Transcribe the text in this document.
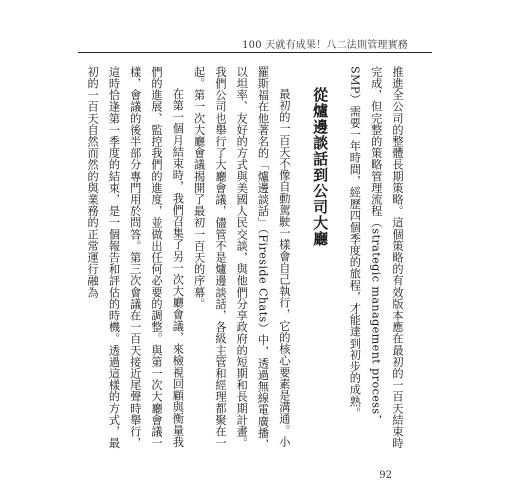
100 天就有成果！八二法則管理實務

推進全公司的整體長期策略。這個策略的有效版本應在最初的一百天結束時完成，但完整的策略管理流程（strategic management process，SMP）需要一年時間，經歷四個季度的旅程，才能達到初步的成熟。

從爐邊談話到公司大廳

最初的一百天不像自動駕駛一樣會自己執行，它的核心要素是溝通。小羅斯福在他著名的「爐邊談話」（Fireside Chats）中，透過無線電廣播，以坦率、友好的方式與美國人民交談，與他們分享政府的短期和長期計畫。我們公司也舉行了大廳會議，儘管不是爐邊談話，各級主管和經理都聚在一起。第一次大廳會議揭開了最初一百天的序幕。

在第一個月結束時，我們召集了另一次大廳會議，來檢視回顧與衡量我們的進展、監控我們的進度，並做出任何必要的調整。與第一次大廳會議一樣，會議的後半部分專門用於問答。第三次會議在一百天接近尾聲時舉行，這時恰逢第一季度的結束，是一個報告和評估的時機。透過這樣的方式，最初的一百天自然而然的與業務的正常運行融為

92
